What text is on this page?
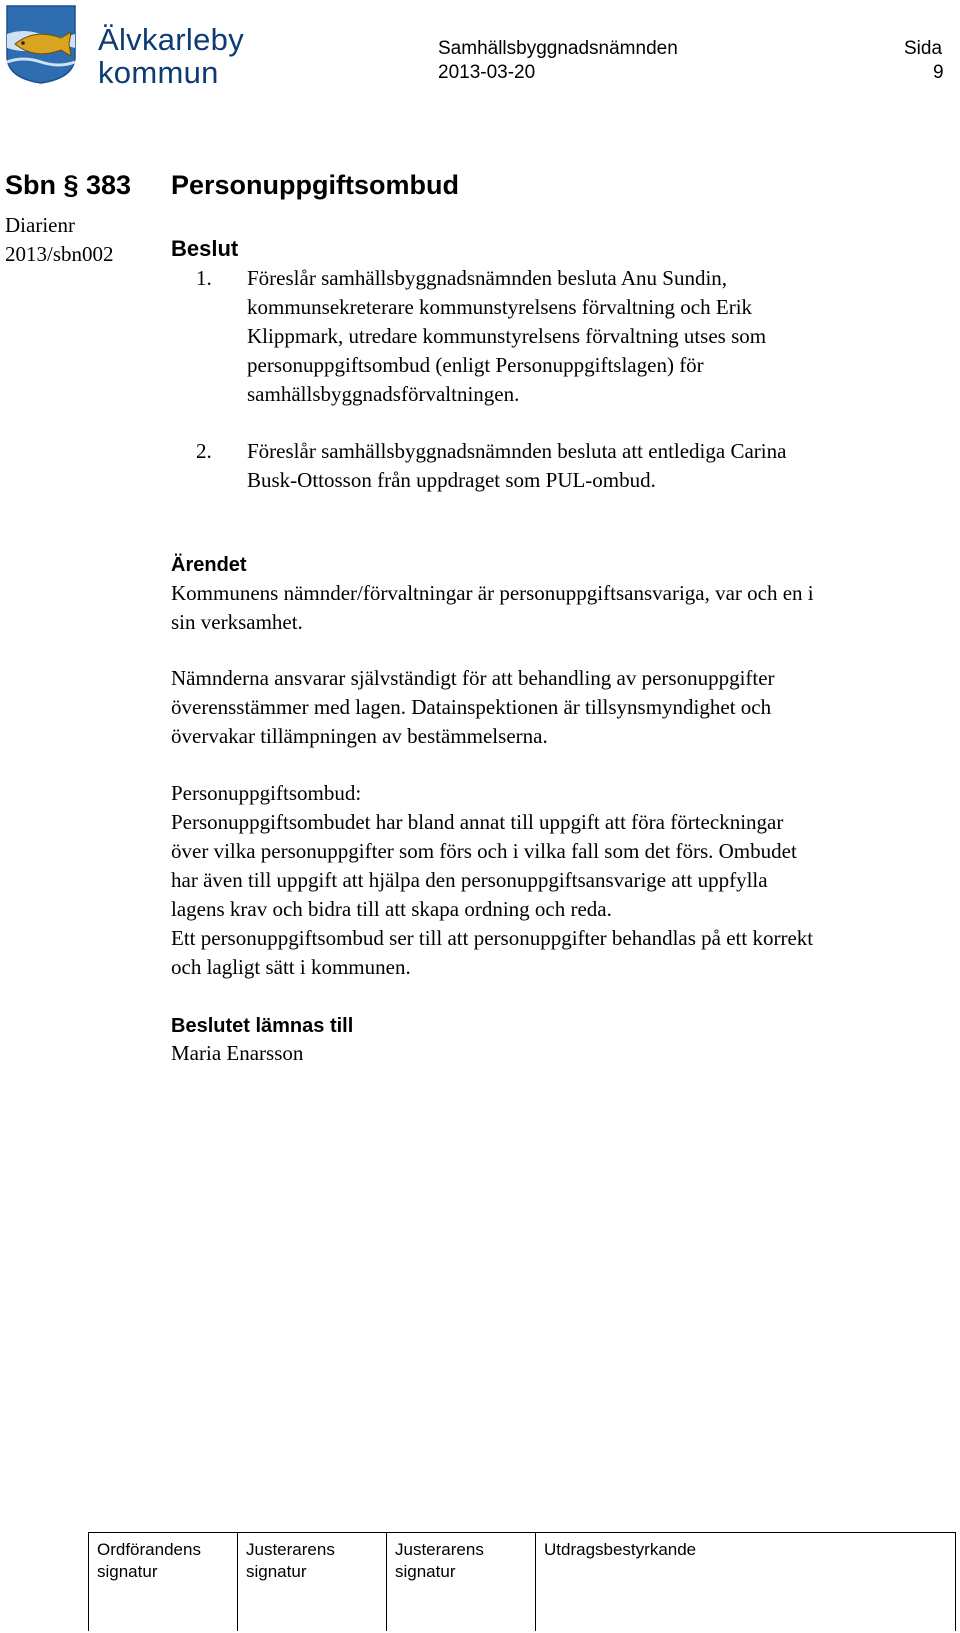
Älvkarleby
kommun
Samhällsbyggnadsnämnden
2013-03-20
Sida
9
Sbn § 383
Diarienr
2013/sbn002
Personuppgiftsombud
Beslut
1. Föreslår samhällsbyggnadsnämnden besluta Anu Sundin,
kommunsekreterare kommunstyrelsens förvaltning och Erik
Klippmark, utredare kommunstyrelsens förvaltning utses som
personuppgiftsombud (enligt Personuppgiftslagen) för
samhällsbyggnadsförvaltningen.
2. Föreslår samhällsbyggnadsnämnden besluta att entlediga Carina
Busk-Ottosson från uppdraget som PUL-ombud.
Ärendet
Kommunens nämnder/förvaltningar är personuppgiftsansvariga, var och en i
sin verksamhet.
Nämnderna ansvarar självständigt för att behandling av personuppgifter
överensstämmer med lagen. Datainspektionen är tillsynsmyndighet och
övervakar tillämpningen av bestämmelserna.
Personuppgiftsombud:
Personuppgiftsombudet har bland annat till uppgift att föra förteckningar
över vilka personuppgifter som förs och i vilka fall som det förs. Ombudet
har även till uppgift att hjälpa den personuppgiftsansvarige att uppfylla
lagens krav och bidra till att skapa ordning och reda.
Ett personuppgiftsombud ser till att personuppgifter behandlas på ett korrekt
och lagligt sätt i kommunen.
Beslutet lämnas till
Maria Enarsson
Ordförandens
signatur
Justerarens
signatur
Justerarens
signatur
Utdragsbestyrkande
